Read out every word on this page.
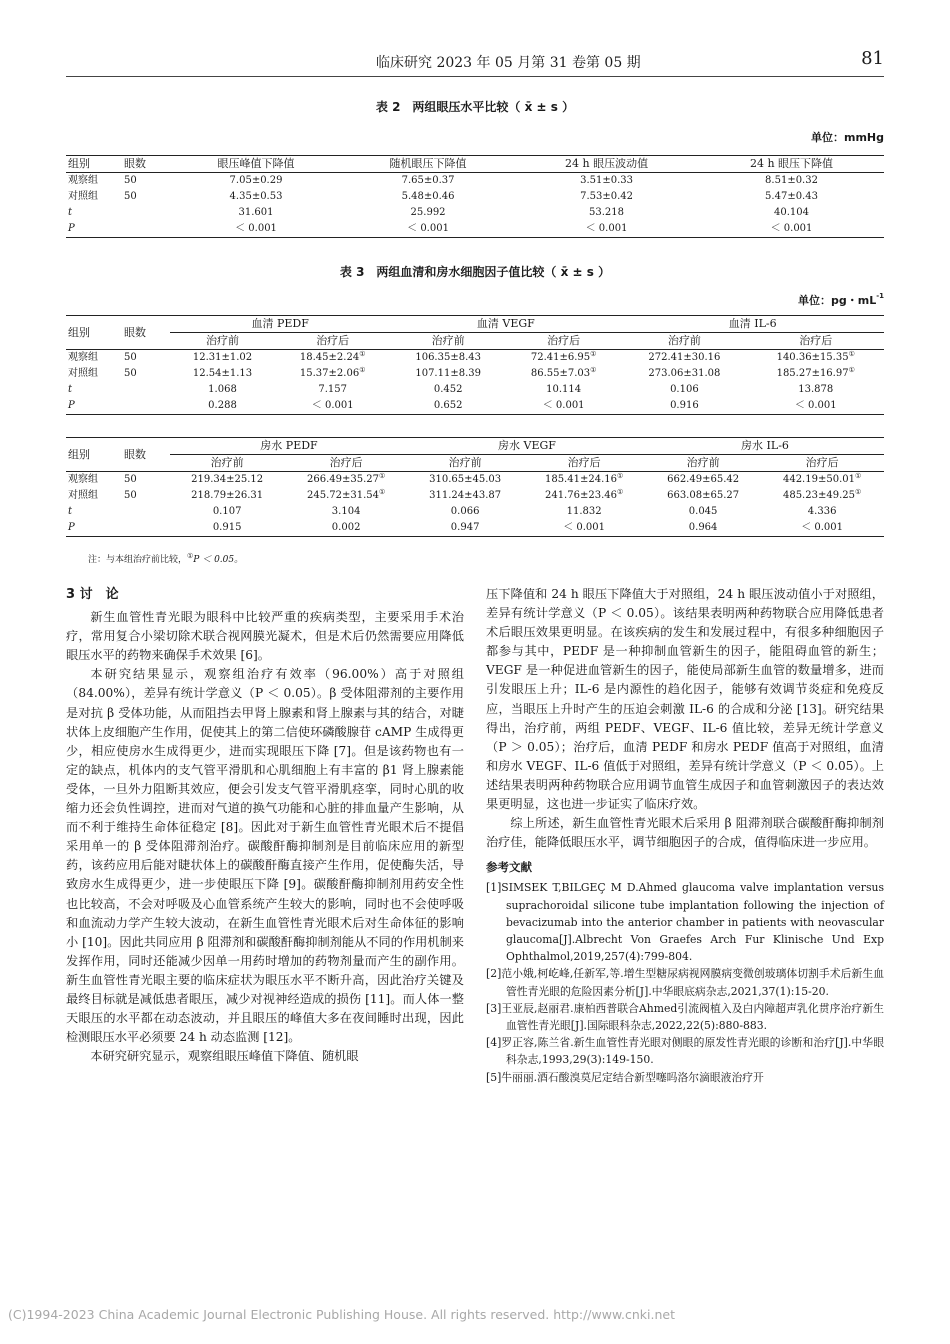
临床研究 2023 年 05 月第 31 卷第 05 期	81
表 2　两组眼压水平比较（ x̄ ± s ）
单位：mmHg
组别	眼数	眼压峰值下降值	随机眼压下降值	24 h 眼压波动值	24 h 眼压下降值
观察组	50	7.05±0.29	7.65±0.37	3.51±0.33	8.51±0.32
对照组	50	4.35±0.53	5.48±0.46	7.53±0.42	5.47±0.43
t		31.601	25.992	53.218	40.104
P		＜ 0.001	＜ 0.001	＜ 0.001	＜ 0.001
表 3　两组血清和房水细胞因子值比较（ x̄ ± s ）
单位：pg・$mL^{-1}$
组别	眼数	血清 PEDF		血清 VEGF		血清 IL-6	
		治疗前	治疗后	治疗前	治疗后	治疗前	治疗后
观察组	50	12.31±1.02	18.45±2.24①	106.35±8.43	72.41±6.95①	272.41±30.16	140.36±15.35①
对照组	50	12.54±1.13	15.37±2.06①	107.11±8.39	86.55±7.03①	273.06±31.08	185.27±16.97①
t		1.068	7.157	0.452	10.114	0.106	13.878
P		0.288	＜ 0.001	0.652	＜ 0.001	0.916	＜ 0.001
组别	眼数	房水 PEDF		房水 VEGF		房水 IL-6	
		治疗前	治疗后	治疗前	治疗后	治疗前	治疗后
观察组	50	219.34±25.12	266.49±35.27①	310.65±45.03	185.41±24.16①	662.49±65.42	442.19±50.01①
对照组	50	218.79±26.31	245.72±31.54①	311.24±43.87	241.76±23.46①	663.08±65.27	485.23±49.25①
t		0.107	3.104	0.066	11.832	0.045	4.336
P		0.915	0.002	0.947	＜ 0.001	0.964	＜ 0.001
注：与本组治疗前比较，①P ＜ 0.05。
3 讨　论

新生血管性青光眼为眼科中比较严重的疾病类型，主要采用手术治疗，常用复合小梁切除术联合视网膜光凝术，但是术后仍然需要应用降低眼压水平的药物来确保手术效果 [6]。

本研究结果显示，观察组治疗有效率（96.00%）高于对照组（84.00%），差异有统计学意义（P ＜ 0.05）。β 受体阻滞剂的主要作用是对抗 β 受体功能，从而阻挡去甲肾上腺素和肾上腺素与其的结合，对睫状体上皮细胞产生作用，促使其上的第二信使环磷酸腺苷 cAMP 生成得更少，相应使房水生成得更少，进而实现眼压下降 [7]。但是该药物也有一定的缺点，机体内的支气管平滑肌和心肌细胞上有丰富的 β1 肾上腺素能受体，一旦外力阻断其效应，便会引发支气管平滑肌痉挛，同时心肌的收缩力还会负性调控，进而对气道的换气功能和心脏的排血量产生影响，从而不利于维持生命体征稳定 [8]。因此对于新生血管性青光眼术后不提倡采用单一的 β 受体阻滞剂治疗。碳酸酐酶抑制剂是目前临床应用的新型药，该药应用后能对睫状体上的碳酸酐酶直接产生作用，促使酶失活，导致房水生成得更少，进一步使眼压下降 [9]。碳酸酐酶抑制剂用药安全性也比较高，不会对呼吸及心血管系统产生较大的影响，同时也不会使呼吸和血流动力学产生较大波动，在新生血管性青光眼术后对生命体征的影响小 [10]。因此共同应用 β 阻滞剂和碳酸酐酶抑制剂能从不同的作用机制来发挥作用，同时还能减少因单一用药时增加的药物剂量而产生的副作用。新生血管性青光眼主要的临床症状为眼压水平不断升高，因此治疗关键及最终目标就是减低患者眼压，减少对视神经造成的损伤 [11]。而人体一整天眼压的水平都在动态波动，并且眼压的峰值大多在夜间睡时出现，因此检测眼压水平必须要 24 h 动态监测 [12]。

本研究研究显示，观察组眼压峰值下降值、随机眼

压下降值和 24 h 眼压下降值大于对照组，24 h 眼压波动值小于对照组，差异有统计学意义（P ＜ 0.05）。该结果表明两种药物联合应用降低患者术后眼压效果更明显。在该疾病的发生和发展过程中，有很多种细胞因子都参与其中，PEDF 是一种抑制血管新生的因子，能阻碍血管的新生；VEGF 是一种促进血管新生的因子，能使局部新生血管的数量增多，进而引发眼压上升；IL-6 是内源性的趋化因子，能够有效调节炎症和免疫反应，当眼压上升时产生的压迫会刺激 IL-6 的合成和分泌 [13]。研究结果得出，治疗前，两组 PEDF、VEGF、IL-6 值比较，差异无统计学意义（P ＞ 0.05）；治疗后，血清 PEDF 和房水 PEDF 值高于对照组，血清和房水 VEGF、IL-6 值低于对照组，差异有统计学意义（P ＜ 0.05）。上述结果表明两种药物联合应用调节血管生成因子和血管刺激因子的表达效果更明显，这也进一步证实了临床疗效。

综上所述，新生血管性青光眼术后采用 β 阻滞剂联合碳酸酐酶抑制剂治疗佳，能降低眼压水平，调节细胞因子的合成，值得临床进一步应用。

参考文献
[1]SIMSEK T,BILGEÇ M D.Ahmed glaucoma valve implantation versus suprachoroidal silicone tube implantation following the injection of bevacizumab into the anterior chamber in patients with neovascular glaucoma[J].Albrecht Von Graefes Arch Fur Klinische Und Exp Ophthalmol,2019,257(4):799-804.
[2]范小娥,柯屹峰,任新军,等.增生型糖尿病视网膜病变微创玻璃体切割手术后新生血管性青光眼的危险因素分析[J].中华眼底病杂志,2021,37(1):15-20.
[3]王亚辰,赵丽君.康柏西普联合Ahmed引流阀植入及白内障超声乳化贯序治疗新生血管性青光眼[J].国际眼科杂志,2022,22(5):880-883.
[4]罗正容,陈兰省.新生血管性青光眼对侧眼的原发性青光眼的诊断和治疗[J].中华眼科杂志,1993,29(3):149-150.
[5]牛丽丽.酒石酸溴莫尼定结合新型噻吗洛尔滴眼液治疗开
(C)1994-2023 China Academic Journal Electronic Publishing House. All rights reserved. http://www.cnki.net
